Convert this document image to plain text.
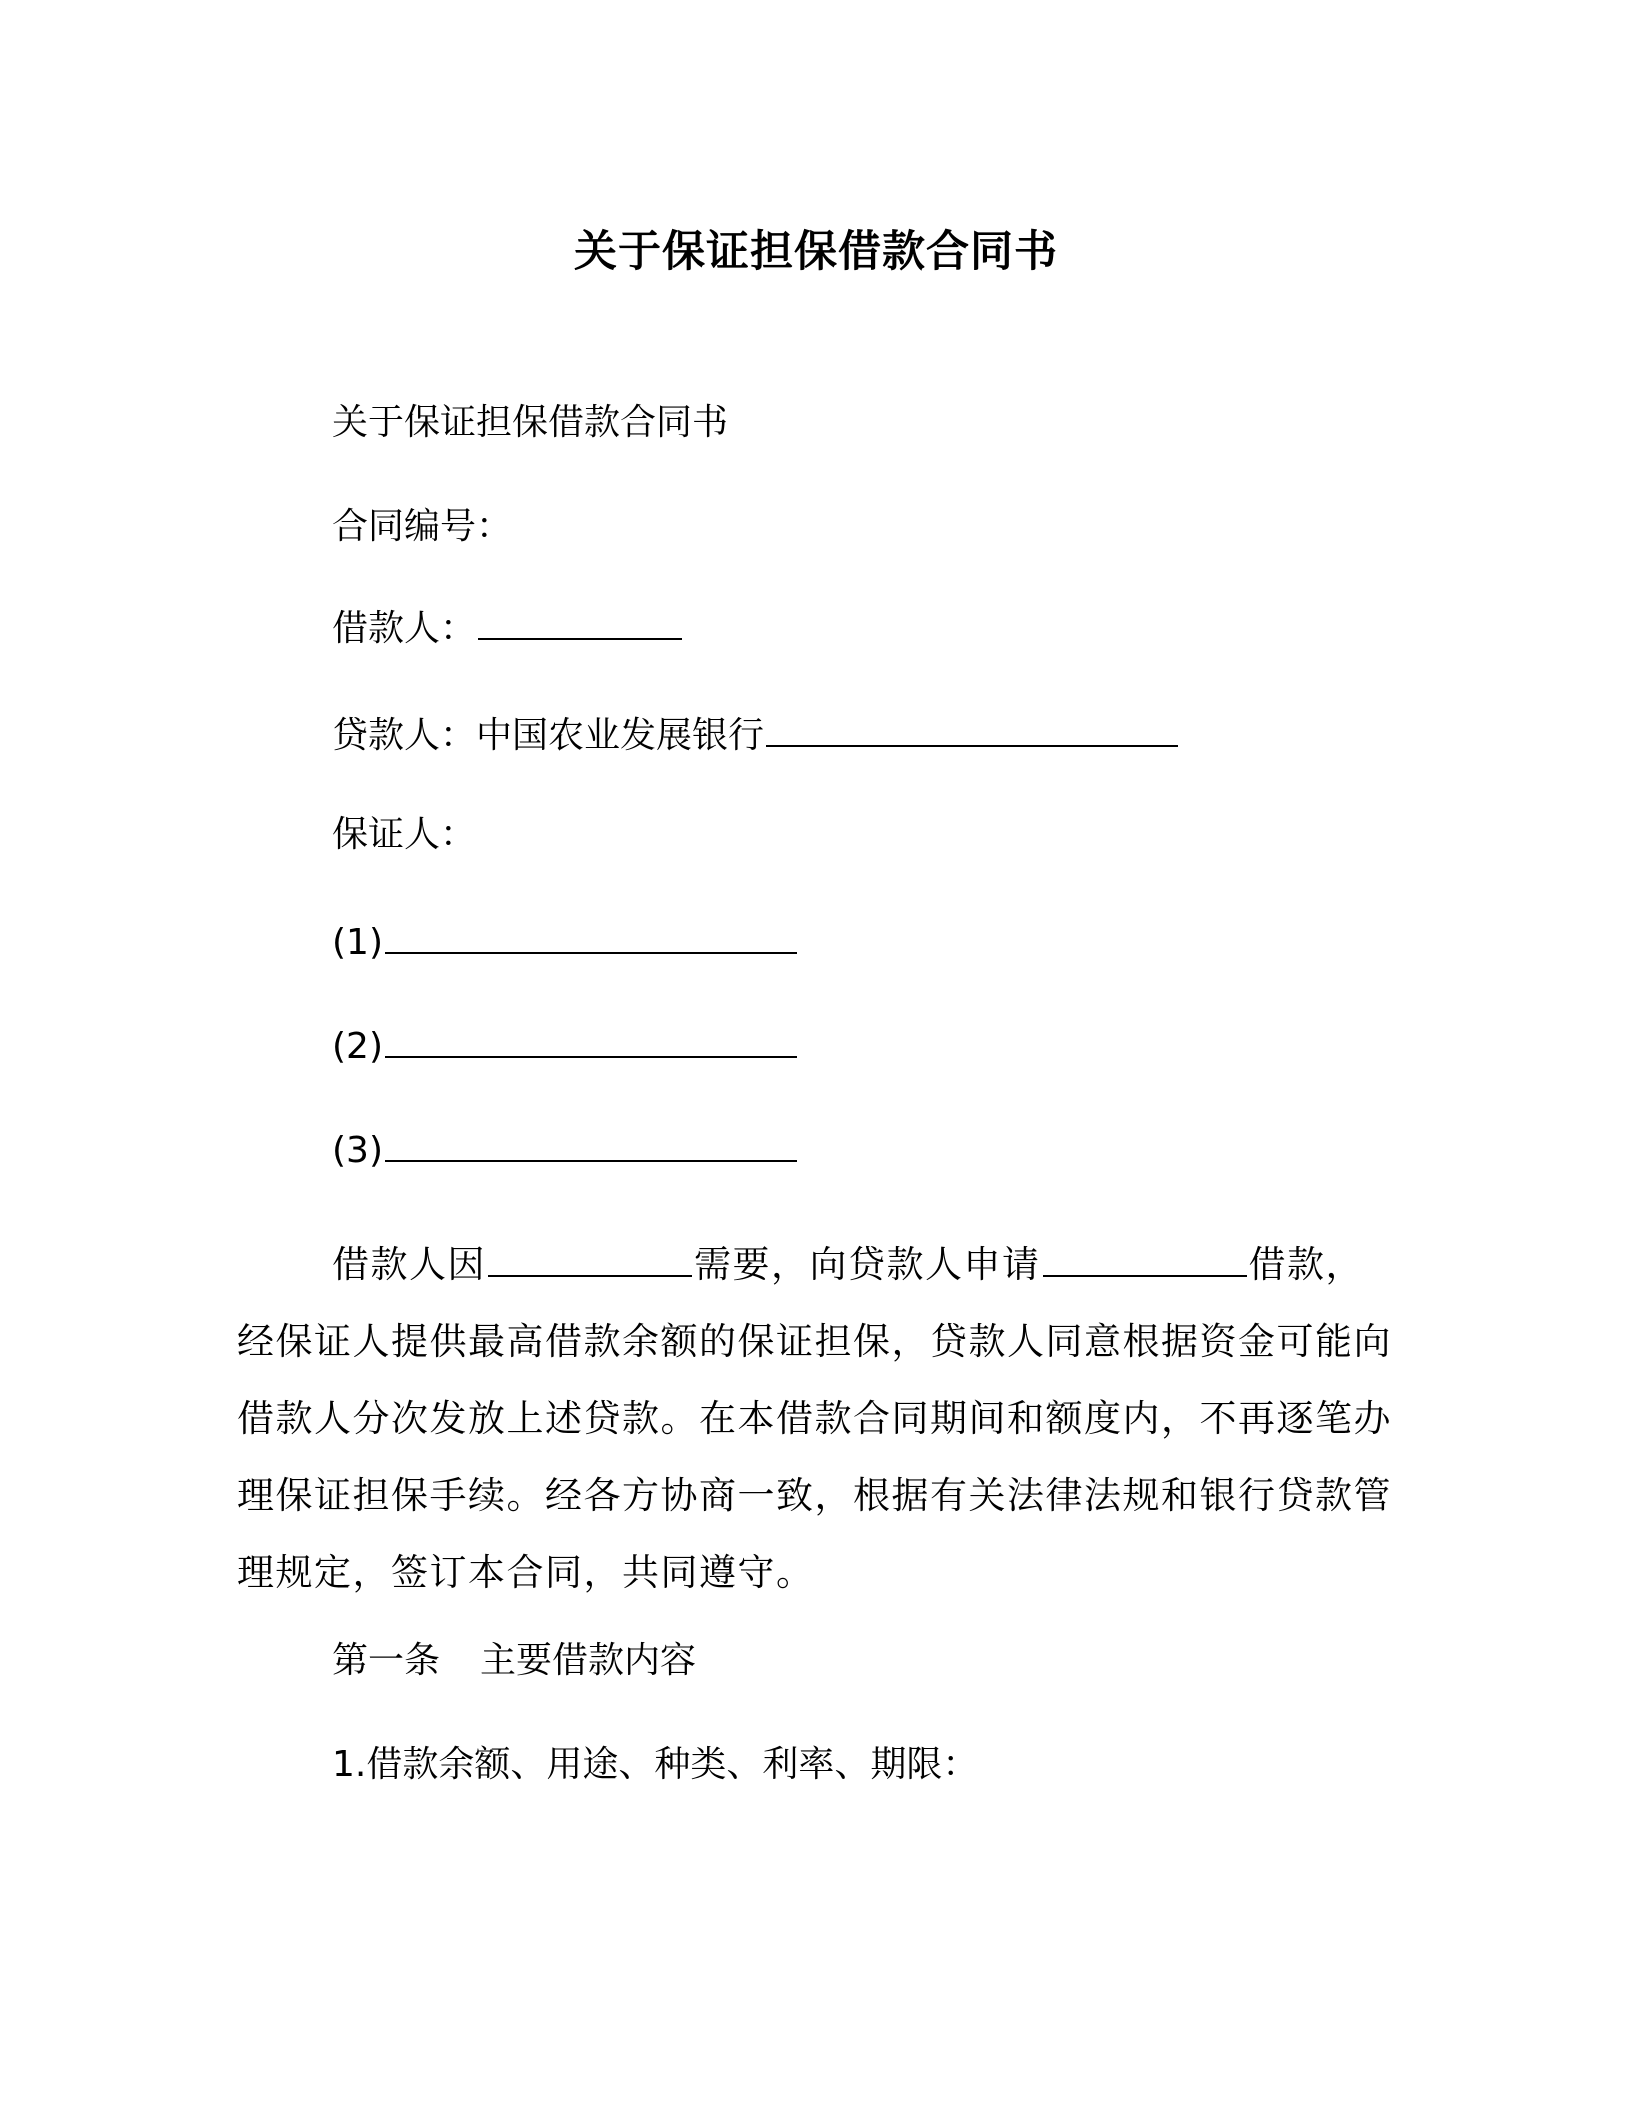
关于保证担保借款合同书
关于保证担保借款合同书
合同编号：
借款人：
贷款人：中国农业发展银行
保证人：
(1)
(2)
(3)
借款人因	需要，向贷款人申请	借款，经保证人提供最高借款余额的保证担保，贷款人同意根据资金可能向借款人分次发放上述贷款。在本借款合同期间和额度内，不再逐笔办理保证担保手续。经各方协商一致，根据有关法律法规和银行贷款管理规定，签订本合同，共同遵守。
第一条 主要借款内容
1.借款余额、用途、种类、利率、期限：
